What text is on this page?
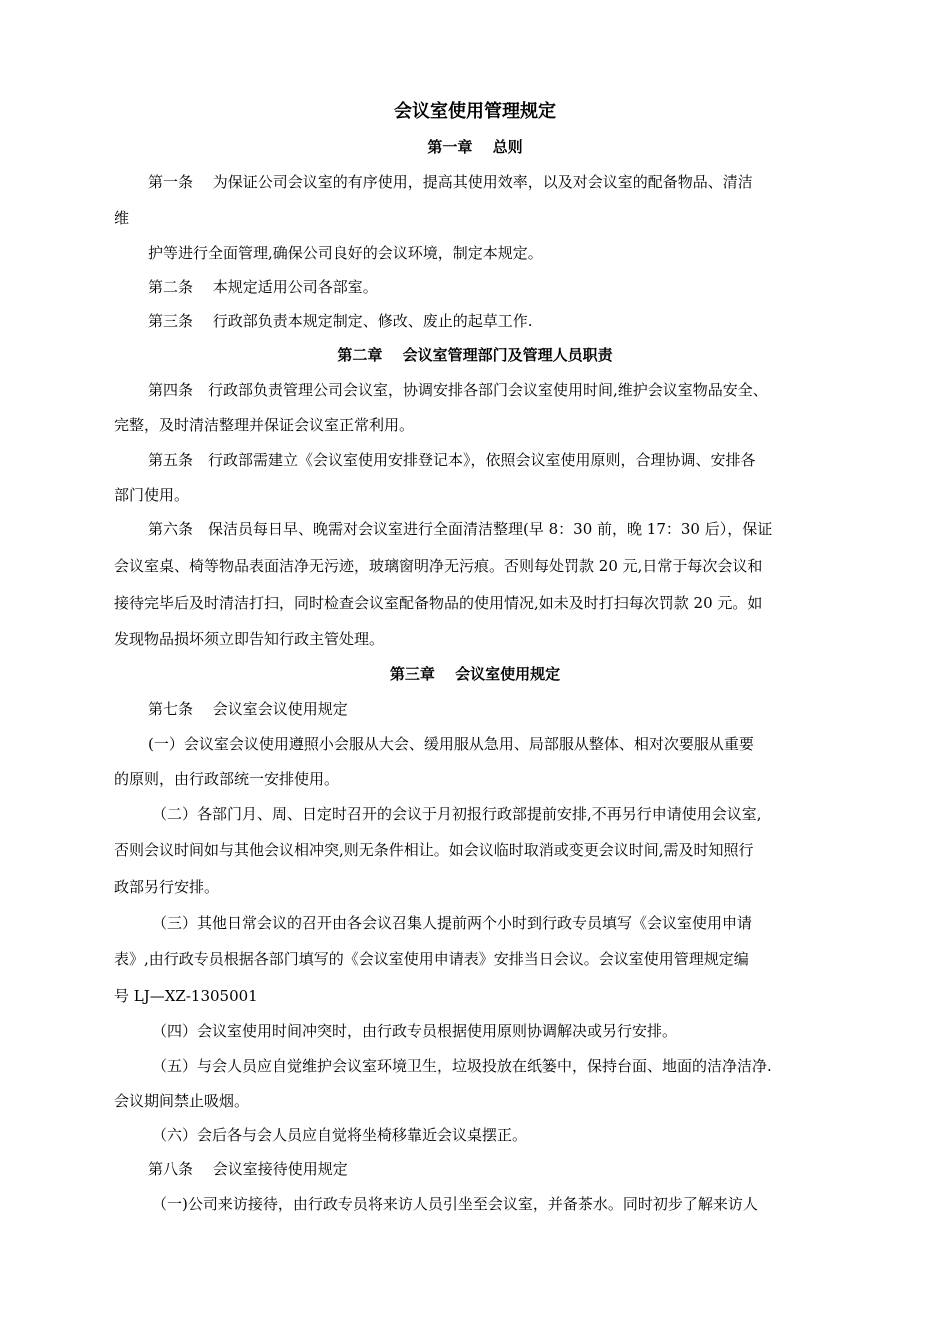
会议室使用管理规定
第一章　 总则
第一条　 为保证公司会议室的有序使用，提高其使用效率，以及对会议室的配备物品、清洁
维
护等进行全面管理,确保公司良好的会议环境，制定本规定。
第二条　 本规定适用公司各部室。
第三条　 行政部负责本规定制定、修改、废止的起草工作.
第二章　 会议室管理部门及管理人员职责
第四条　行政部负责管理公司会议室，协调安排各部门会议室使用时间,维护会议室物品安全、
完整，及时清洁整理并保证会议室正常利用。
第五条　行政部需建立《会议室使用安排登记本》，依照会议室使用原则，合理协调、安排各
部门使用。
第六条　保洁员每日早、晚需对会议室进行全面清洁整理(早 8：30 前，晚 17：30 后），保证
会议室桌、椅等物品表面洁净无污迹，玻璃窗明净无污痕。否则每处罚款 20 元,日常于每次会议和
接待完毕后及时清洁打扫，同时检查会议室配备物品的使用情况,如未及时打扫每次罚款 20 元。如
发现物品损坏须立即告知行政主管处理。
第三章　 会议室使用规定
第七条　 会议室会议使用规定
(一）会议室会议使用遵照小会服从大会、缓用服从急用、局部服从整体、相对次要服从重要
的原则，由行政部统一安排使用。
（二）各部门月、周、日定时召开的会议于月初报行政部提前安排,不再另行申请使用会议室,
否则会议时间如与其他会议相冲突,则无条件相让。如会议临时取消或变更会议时间,需及时知照行
政部另行安排。
（三）其他日常会议的召开由各会议召集人提前两个小时到行政专员填写《会议室使用申请
表》,由行政专员根据各部门填写的《会议室使用申请表》安排当日会议。会议室使用管理规定编
号 LJ—XZ-1305001
（四）会议室使用时间冲突时，由行政专员根据使用原则协调解决或另行安排。
（五）与会人员应自觉维护会议室环境卫生，垃圾投放在纸篓中，保持台面、地面的洁净洁净.
会议期间禁止吸烟。
（六）会后各与会人员应自觉将坐椅移靠近会议桌摆正。
第八条　 会议室接待使用规定
（一)公司来访接待，由行政专员将来访人员引坐至会议室，并备茶水。同时初步了解来访人
